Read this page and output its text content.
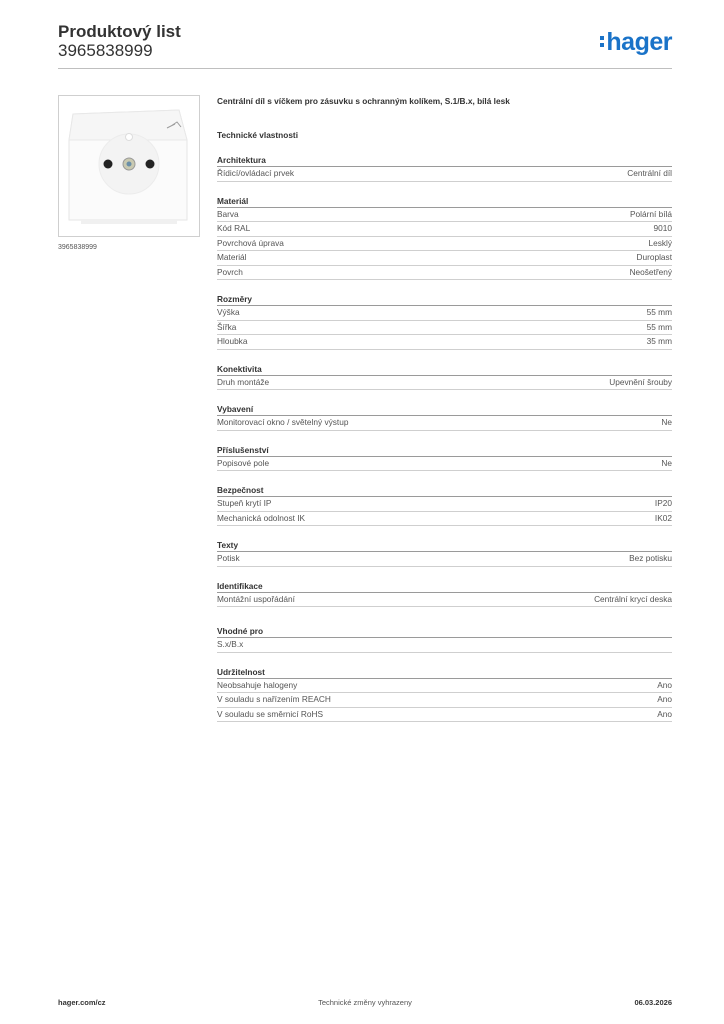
Produktový list
3965838999	hager
3965838999
Centrální díl s víčkem pro zásuvku s ochranným kolíkem, S.1/B.x, bílá lesk
Technické vlastnosti
Architektura
Řídicí/ovládací prvek	Centrální díl
Materiál
Barva	Polární bílá
Kód RAL	9010
Povrchová úprava	Lesklý
Materiál	Duroplast
Povrch	Neošetřený
Rozměry
Výška	55 mm
Šířka	55 mm
Hloubka	35 mm
Konektivita
Druh montáže	Upevnění šrouby
Vybavení
Monitorovací okno / světelný výstup	Ne
Příslušenství
Popisové pole	Ne
Bezpečnost
Stupeň krytí IP	IP20
Mechanická odolnost IK	IK02
Texty
Potisk	Bez potisku
Identifikace
Montážní uspořádání	Centrální krycí deska
Vhodné pro
S.x/B.x
Udržitelnost
Neobsahuje halogeny	Ano
V souladu s nařízením REACH	Ano
V souladu se směrnicí RoHS	Ano
hager.com/cz	Technické změny vyhrazeny	06.03.2026
